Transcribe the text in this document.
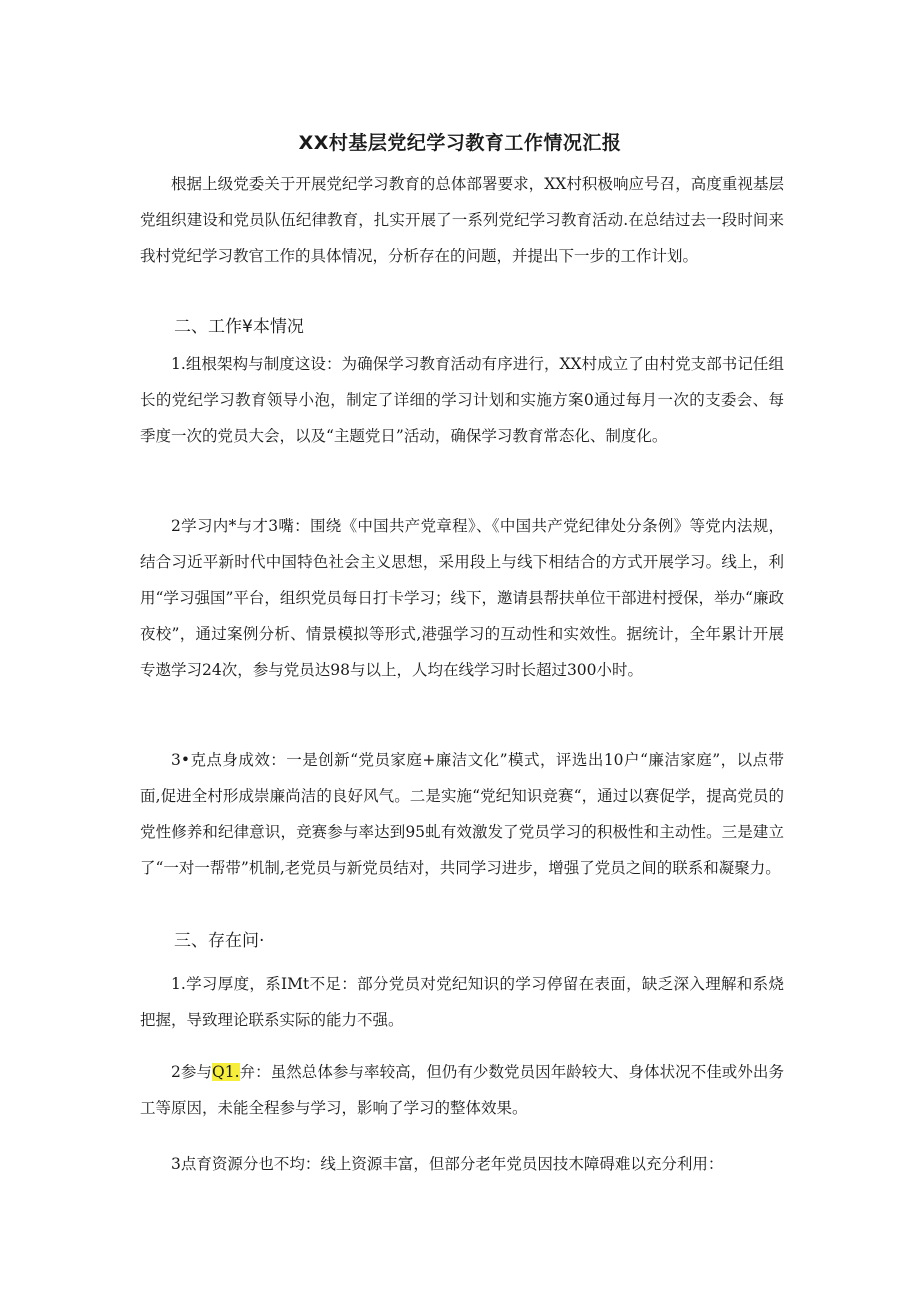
XX村基层党纪学习教育工作情况汇报

根据上级党委关于开展党纪学习教育的总体部署要求，XX村积极响应号召，高度重视基层党组织建设和党员队伍纪律教育，扎实开展了一系列党纪学习教育活动.在总结过去一段时间来我村党纪学习教官工作的具体情况，分析存在的问题，并提出下一步的工作计划。

二、工作¥本情况

1.组根架构与制度这设：为确保学习教育活动有序进行，XX村成立了由村党支部书记任组长的党纪学习教育领导小泡，制定了详细的学习计划和实施方案0通过每月一次的支委会、每季度一次的党员大会，以及“主题党日”活动，确保学习教育常态化、制度化。

2学习内*与才3嘴：围绕《中国共产党章程》、《中国共产党纪律处分条例》等党内法规，结合习近平新时代中国特色社会主义思想，采用段上与线下相结合的方式开展学习。线上，利用“学习强国”平台，组织党员每日打卡学习；线下，邀请县帮扶单位干部进村授保，举办“廉政夜校”，通过案例分析、情景模拟等形式,港强学习的互动性和实效性。据统计，全年累计开展专遨学习24次，参与党员达98与以上，人均在线学习时长超过300小时。

3•克点身成效：一是创新“党员家庭+廉洁文化”模式，评选出10户“廉洁家庭”，以点带面,促进全村形成崇廉尚洁的良好风气。二是实施“党纪知识竞赛“，通过以赛促学，提高党员的党性修养和纪律意识，竞赛参与率达到95虬有效激发了党员学习的积极性和主动性。三是建立了“一对一帮带”机制,老党员与新党员结对，共同学习进步，增强了党员之间的联系和凝聚力。

三、存在问·

1.学习厚度，系IMt不足：部分党员对党纪知识的学习停留在表面，缺乏深入理解和系烧把握，导致理论联系实际的能力不强。

2参与Q1.弁：虽然总体参与率较高，但仍有少数党员因年龄较大、身体状况不佳或外出务工等原因，未能全程参与学习，影响了学习的整体效果。

3点育资源分也不均：线上资源丰富，但部分老年党员因技木障碍难以充分利用：
